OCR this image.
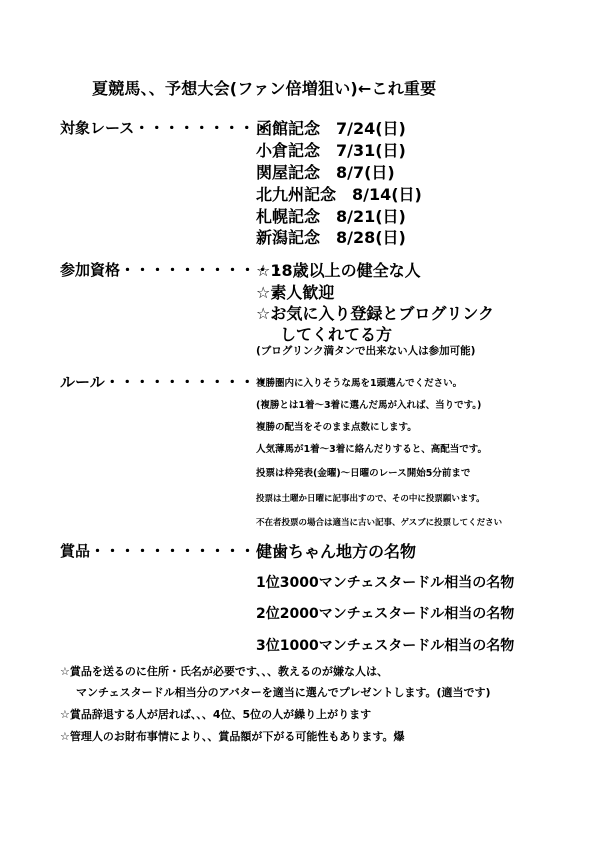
夏競馬、、予想大会(ファン倍増狙い)←これ重要
対象レース・・・・・・・・・
函館記念　7/24(日)
小倉記念　7/31(日)
関屋記念　8/7(日)
北九州記念　8/14(日)
札幌記念　8/21(日)
新潟記念　8/28(日)
参加資格・・・・・・・・・・・
☆18歳以上の健全な人
☆素人歓迎
☆お気に入り登録とブログリンク
してくれてる方
(ブログリンク満タンで出来ない人は参加可能)
ルール・・・・・・・・・・・
複勝圏内に入りそうな馬を1頭選んでください。
(複勝とは1着～3着に選んだ馬が入れば、当りです。)
複勝の配当をそのまま点数にします。
人気薄馬が1着～3着に絡んだりすると、高配当です。
投票は枠発表(金曜)～日曜のレース開始5分前まで
投票は土曜か日曜に記事出すので、その中に投票願います。
不在者投票の場合は適当に古い記事、ゲスブに投票してください
賞品・・・・・・・・・・・ 健歯ちゃん地方の名物
1位3000マンチェスタードル相当の名物
2位2000マンチェスタードル相当の名物
3位1000マンチェスタードル相当の名物
☆賞品を送るのに住所・氏名が必要です、、、教えるのが嫌な人は、
マンチェスタードル相当分のアバターを適当に選んでプレゼントします。(適当です)
☆賞品辞退する人が居れば、、、4位、5位の人が繰り上がります
☆管理人のお財布事情により、、賞品額が下がる可能性もあります。爆
